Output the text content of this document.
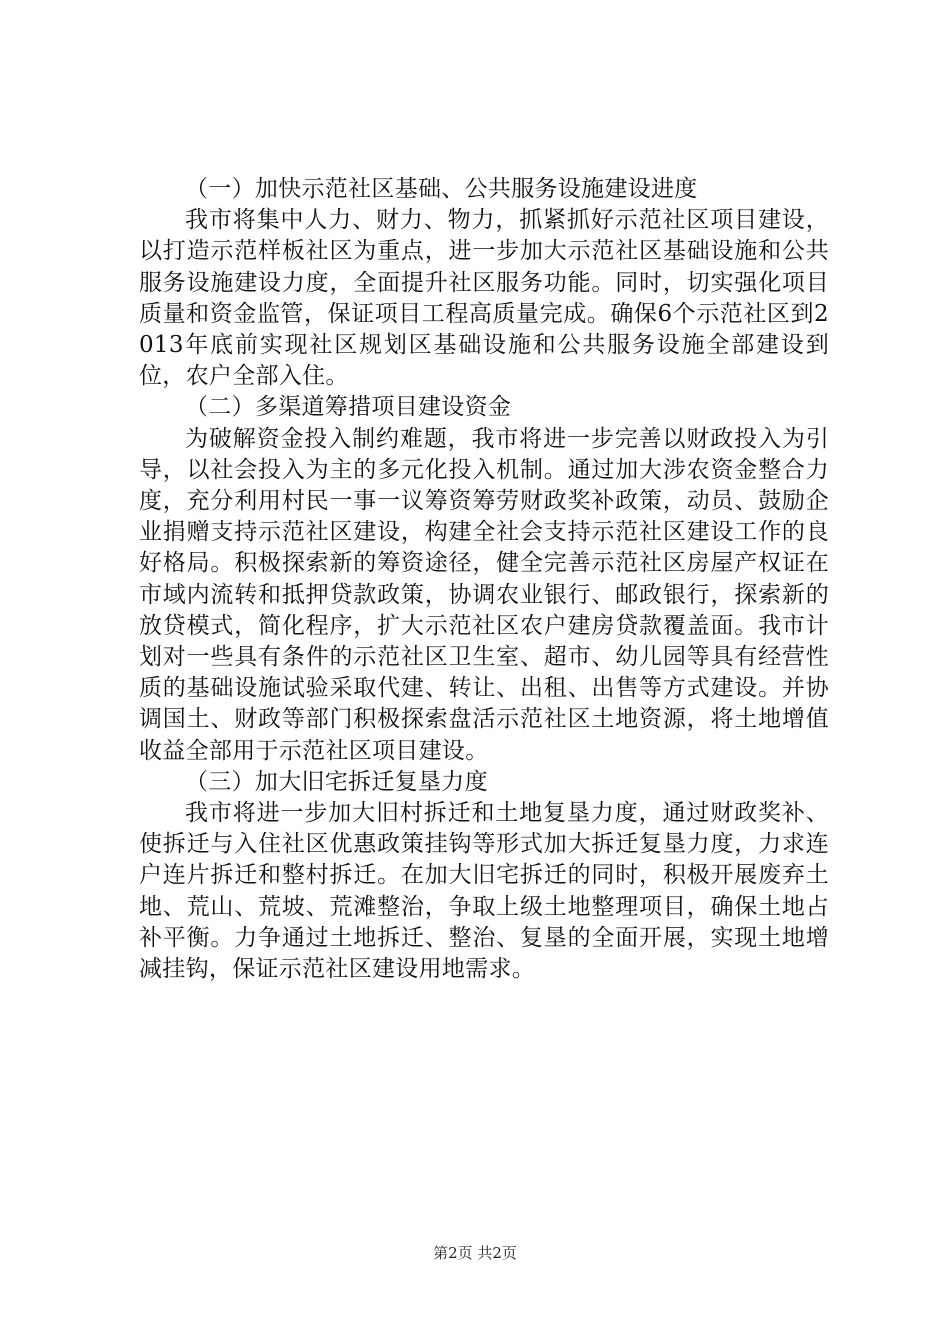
（一）加快示范社区基础、公共服务设施建设进度

我市将集中人力、财力、物力，抓紧抓好示范社区项目建设，以打造示范样板社区为重点，进一步加大示范社区基础设施和公共服务设施建设力度，全面提升社区服务功能。同时，切实强化项目质量和资金监管，保证项目工程高质量完成。确保6个示范社区到2013年底前实现社区规划区基础设施和公共服务设施全部建设到位，农户全部入住。

（二）多渠道筹措项目建设资金

为破解资金投入制约难题，我市将进一步完善以财政投入为引导，以社会投入为主的多元化投入机制。通过加大涉农资金整合力度，充分利用村民一事一议筹资筹劳财政奖补政策，动员、鼓励企业捐赠支持示范社区建设，构建全社会支持示范社区建设工作的良好格局。积极探索新的筹资途径，健全完善示范社区房屋产权证在市域内流转和抵押贷款政策，协调农业银行、邮政银行，探索新的放贷模式，简化程序，扩大示范社区农户建房贷款覆盖面。我市计划对一些具有条件的示范社区卫生室、超市、幼儿园等具有经营性质的基础设施试验采取代建、转让、出租、出售等方式建设。并协调国土、财政等部门积极探索盘活示范社区土地资源，将土地增值收益全部用于示范社区项目建设。

（三）加大旧宅拆迁复垦力度

我市将进一步加大旧村拆迁和土地复垦力度，通过财政奖补、使拆迁与入住社区优惠政策挂钩等形式加大拆迁复垦力度，力求连户连片拆迁和整村拆迁。在加大旧宅拆迁的同时，积极开展废弃土地、荒山、荒坡、荒滩整治，争取上级土地整理项目，确保土地占补平衡。力争通过土地拆迁、整治、复垦的全面开展，实现土地增减挂钩，保证示范社区建设用地需求。

第2页 共2页
